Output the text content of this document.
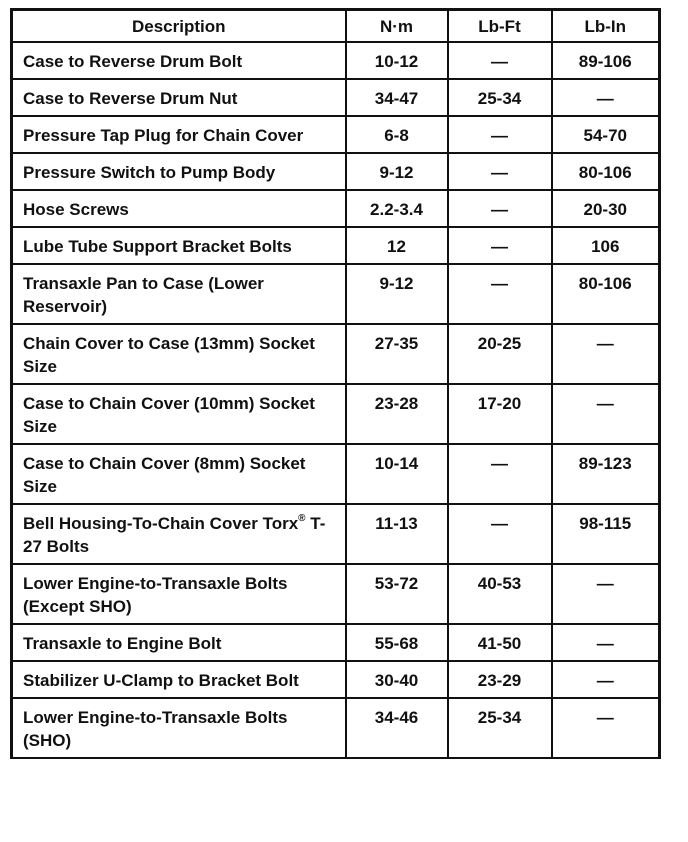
Description	N·m	Lb-Ft	Lb-In
Case to Reverse Drum Bolt	10-12	—	89-106
Case to Reverse Drum Nut	34-47	25-34	—
Pressure Tap Plug for Chain Cover	6-8	—	54-70
Pressure Switch to Pump Body	9-12	—	80-106
Hose Screws	2.2-3.4	—	20-30
Lube Tube Support Bracket Bolts	12	—	106
Transaxle Pan to Case (Lower Reservoir)	9-12	—	80-106
Chain Cover to Case (13mm) Socket Size	27-35	20-25	—
Case to Chain Cover (10mm) Socket Size	23-28	17-20	—
Case to Chain Cover (8mm) Socket Size	10-14	—	89-123
Bell Housing-To-Chain Cover Torx® T-27 Bolts	11-13	—	98-115
Lower Engine-to-Transaxle Bolts (Except SHO)	53-72	40-53	—
Transaxle to Engine Bolt	55-68	41-50	—
Stabilizer U-Clamp to Bracket Bolt	30-40	23-29	—
Lower Engine-to-Transaxle Bolts (SHO)	34-46	25-34	—
